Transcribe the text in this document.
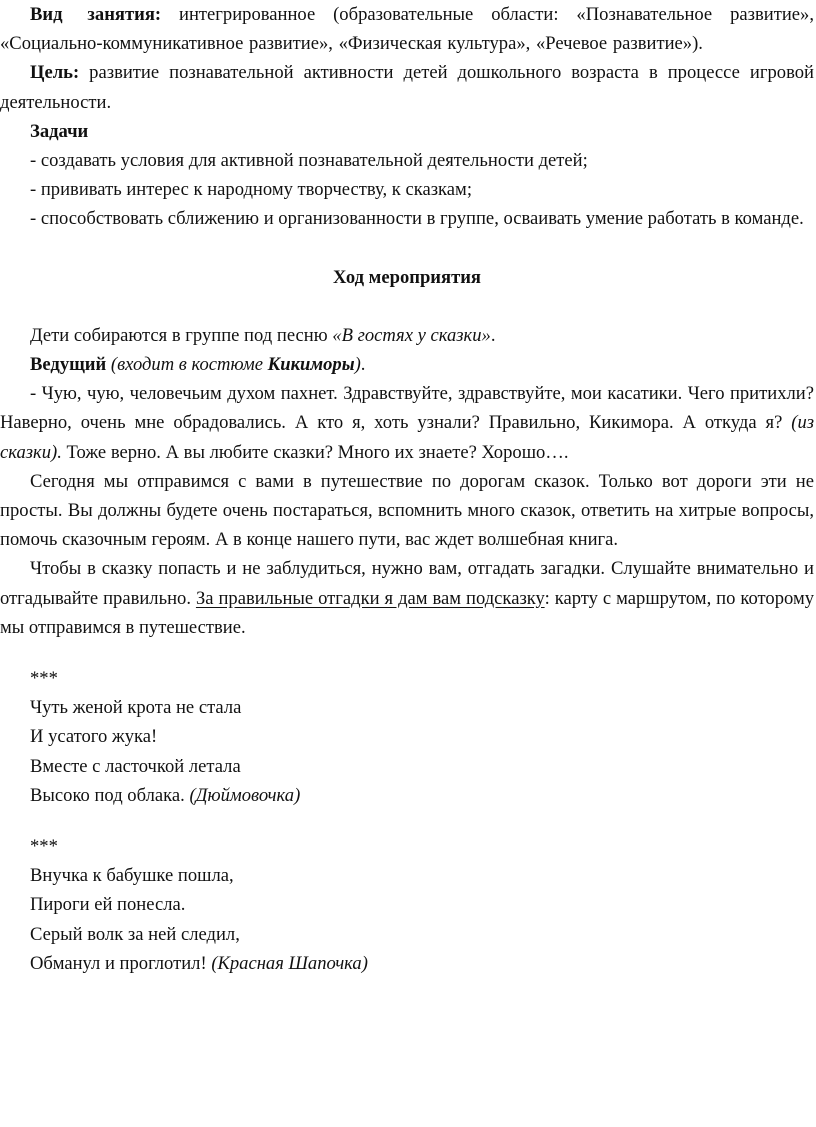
Вид занятия: интегрированное (образовательные области: «Познавательное развитие», «Социально-коммуникативное развитие», «Физическая культура», «Речевое развитие»).

Цель: развитие познавательной активности детей дошкольного возраста в процессе игровой деятельности.

Задачи

- создавать условия для активной познавательной деятельности детей;

- прививать интерес к народному творчеству, к сказкам;

- способствовать сближению и организованности в группе, осваивать умение работать в команде.

Ход мероприятия

Дети собираются в группе под песню «В гостях у сказки».

Ведущий (входит в костюме Кикиморы).

- Чую, чую, человечьим духом пахнет. Здравствуйте, здравствуйте, мои касатики. Чего притихли? Наверно, очень мне обрадовались. А кто я, хоть узнали? Правильно, Кикимора. А откуда я? (из сказки). Тоже верно. А вы любите сказки? Много их знаете? Хорошо….

Сегодня мы отправимся с вами в путешествие по дорогам сказок. Только вот дороги эти не просты. Вы должны будете очень постараться, вспомнить много сказок, ответить на хитрые вопросы, помочь сказочным героям. А в конце нашего пути, вас ждет волшебная книга.

Чтобы в сказку попасть и не заблудиться, нужно вам, отгадать загадки. Слушайте внимательно и отгадывайте правильно. За правильные отгадки я дам вам подсказку: карту с маршрутом, по которому мы отправимся в путешествие.

***

Чуть женой крота не стала

И усатого жука!

Вместе с ласточкой летала

Высоко под облака. (Дюймовочка)

***

Внучка к бабушке пошла,

Пироги ей понесла.

Серый волк за ней следил,

Обманул и проглотил! (Красная Шапочка)
